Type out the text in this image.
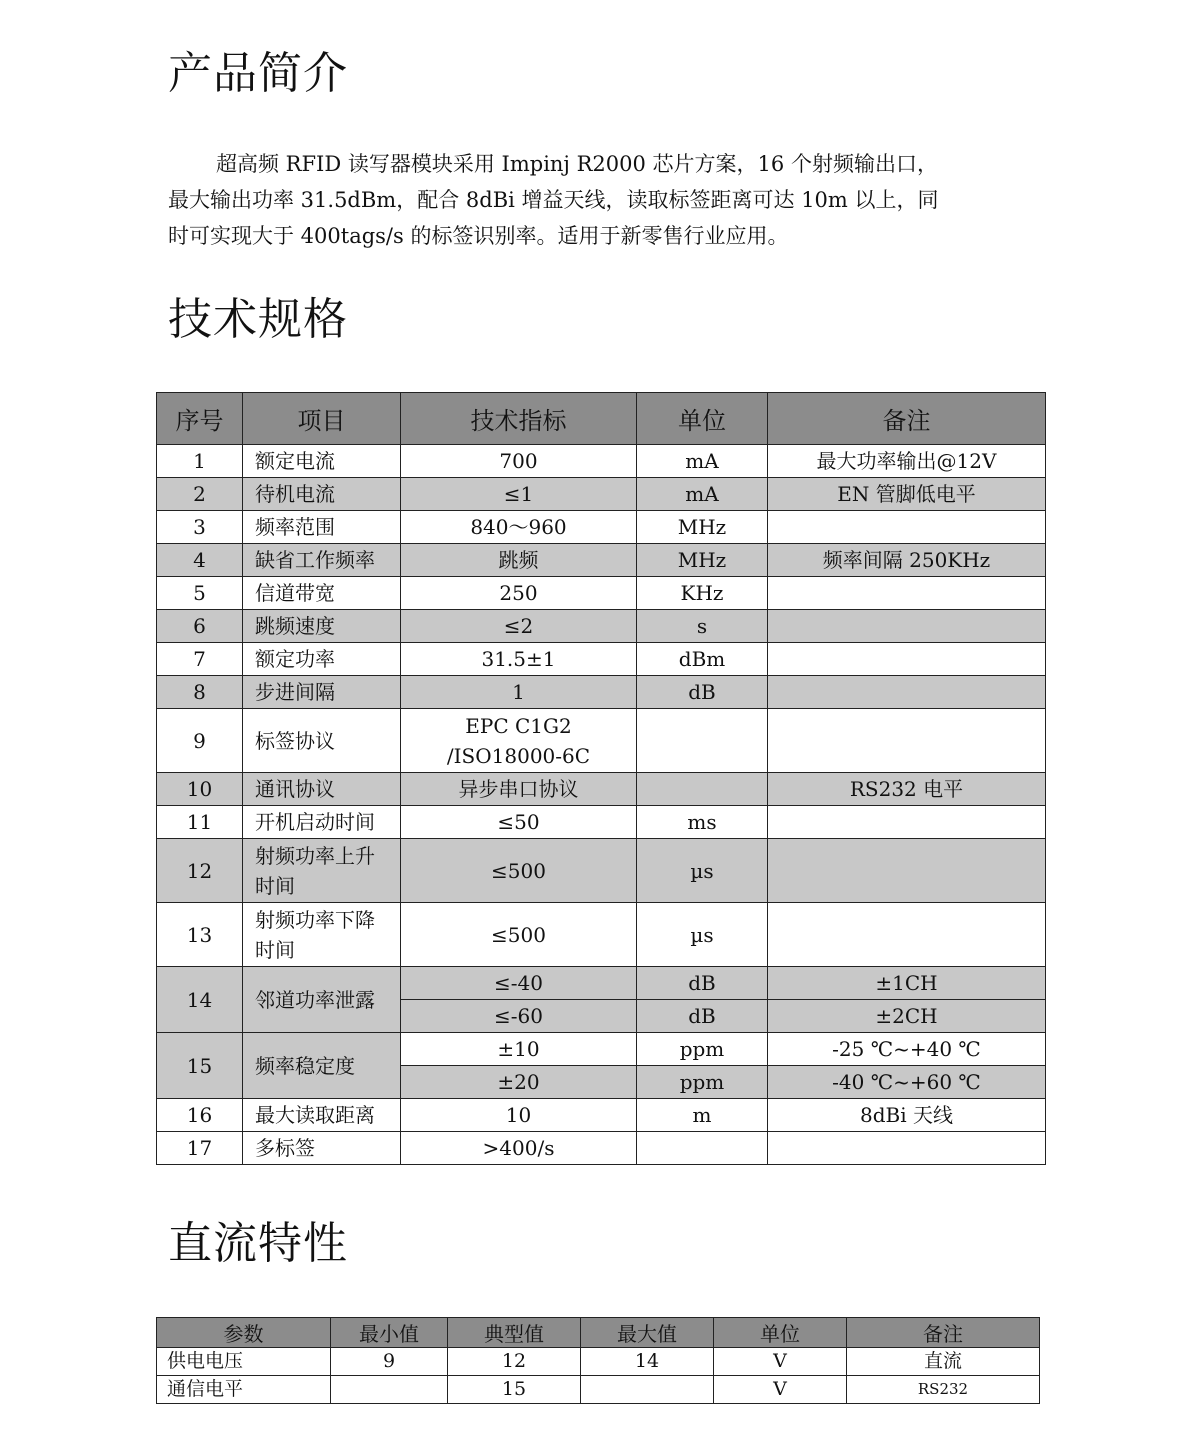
产品简介

超高频 RFID 读写器模块采用 Impinj R2000 芯片方案，16 个射频输出口，
最大输出功率 31.5dBm，配合 8dBi 增益天线，读取标签距离可达 10m 以上，同
时可实现大于 400tags/s 的标签识别率。适用于新零售行业应用。

技术规格
序号	项目	技术指标	单位	备注
1	额定电流	700	mA	最大功率输出@12V
2	待机电流	≤1	mA	EN 管脚低电平
3	频率范围	840～960	MHz	
4	缺省工作频率	跳频	MHz	频率间隔 250KHz
5	信道带宽	250	KHz	
6	跳频速度	≤2	s	
7	额定功率	31.5±1	dBm	
8	步进间隔	1	dB	
9	标签协议	EPC C1G2
/ISO18000-6C		
10	通讯协议	异步串口协议		RS232 电平
11	开机启动时间	≤50	ms	
12	射频功率上升
时间	≤500	µs	
13	射频功率下降
时间	≤500	µs	
14	邻道功率泄露	≤-40	dB	±1CH
		≤-60	dB	±2CH
15	频率稳定度	±10	ppm	-25 ℃~+40 ℃
		±20	ppm	-40 ℃~+60 ℃
16	最大读取距离	10	m	8dBi 天线
17	多标签	>400/s		
直流特性
参数	最小值	典型值	最大值	单位	备注
供电电压	9	12	14	V	直流
通信电平		15		V	RS232
